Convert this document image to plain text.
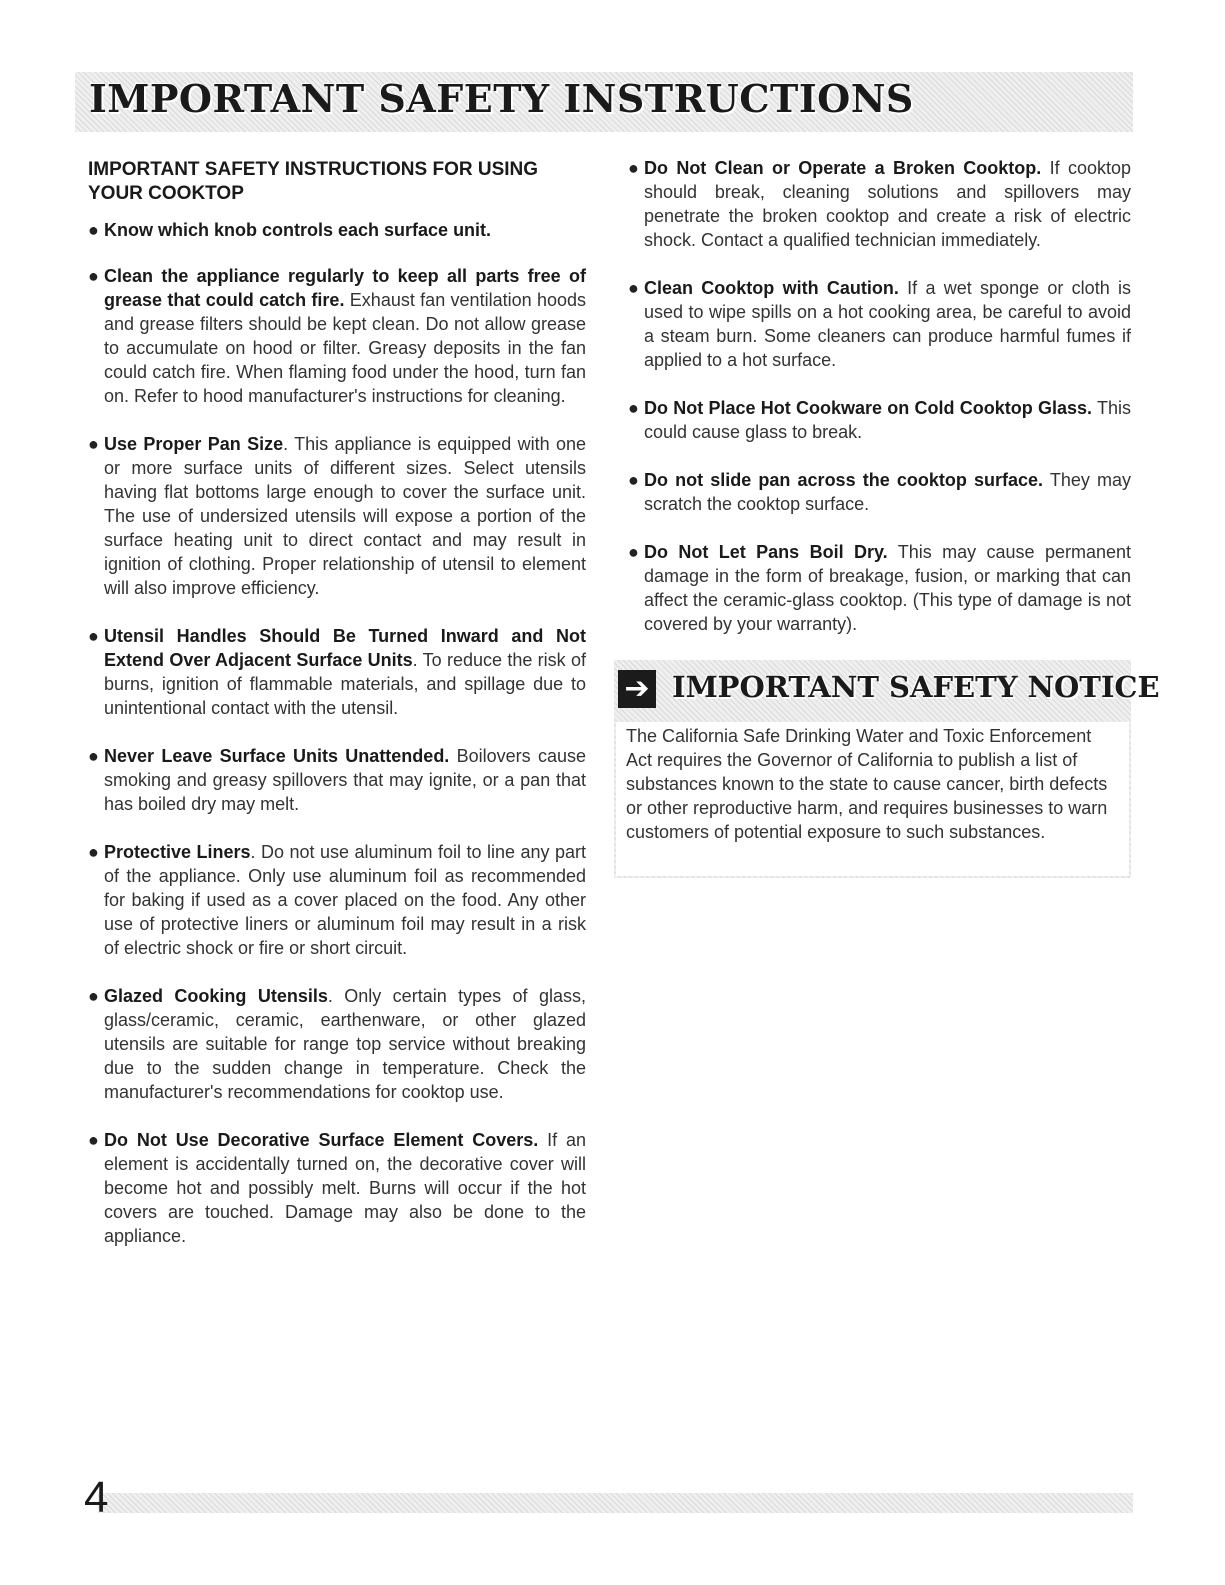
IMPORTANT SAFETY INSTRUCTIONS
IMPORTANT SAFETY INSTRUCTIONS FOR USING YOUR COOKTOP
● Know which knob controls each surface unit.
● Clean the appliance regularly to keep all parts free of grease that could catch fire. Exhaust fan ventilation hoods and grease filters should be kept clean. Do not allow grease to accumulate on hood or filter. Greasy deposits in the fan could catch fire. When flaming food under the hood, turn fan on. Refer to hood manufacturer's instructions for cleaning.
● Use Proper Pan Size. This appliance is equipped with one or more surface units of different sizes. Select utensils having flat bottoms large enough to cover the surface unit. The use of undersized utensils will expose a portion of the surface heating unit to direct contact and may result in ignition of clothing. Proper relationship of utensil to element will also improve efficiency.
● Utensil Handles Should Be Turned Inward and Not Extend Over Adjacent Surface Units. To reduce the risk of burns, ignition of flammable materials, and spillage due to unintentional contact with the utensil.
● Never Leave Surface Units Unattended. Boilovers cause smoking and greasy spillovers that may ignite, or a pan that has boiled dry may melt.
● Protective Liners. Do not use aluminum foil to line any part of the appliance. Only use aluminum foil as recommended for baking if used as a cover placed on the food. Any other use of protective liners or aluminum foil may result in a risk of electric shock or fire or short circuit.
● Glazed Cooking Utensils. Only certain types of glass, glass/ceramic, ceramic, earthenware, or other glazed utensils are suitable for range top service without breaking due to the sudden change in temperature. Check the manufacturer's recommendations for cooktop use.
● Do Not Use Decorative Surface Element Covers. If an element is accidentally turned on, the decorative cover will become hot and possibly melt. Burns will occur if the hot covers are touched. Damage may also be done to the appliance.
● Do Not Clean or Operate a Broken Cooktop. If cooktop should break, cleaning solutions and spillovers may penetrate the broken cooktop and create a risk of electric shock. Contact a qualified technician immediately.
● Clean Cooktop with Caution. If a wet sponge or cloth is used to wipe spills on a hot cooking area, be careful to avoid a steam burn. Some cleaners can produce harmful fumes if applied to a hot surface.
● Do Not Place Hot Cookware on Cold Cooktop Glass. This could cause glass to break.
● Do not slide pan across the cooktop surface. They may scratch the cooktop surface.
● Do Not Let Pans Boil Dry. This may cause permanent damage in the form of breakage, fusion, or marking that can affect the ceramic-glass cooktop. (This type of damage is not covered by your warranty).
➔ IMPORTANT SAFETY NOTICE
The California Safe Drinking Water and Toxic Enforcement Act requires the Governor of California to publish a list of substances known to the state to cause cancer, birth defects or other reproductive harm, and requires businesses to warn customers of potential exposure to such substances.
4
